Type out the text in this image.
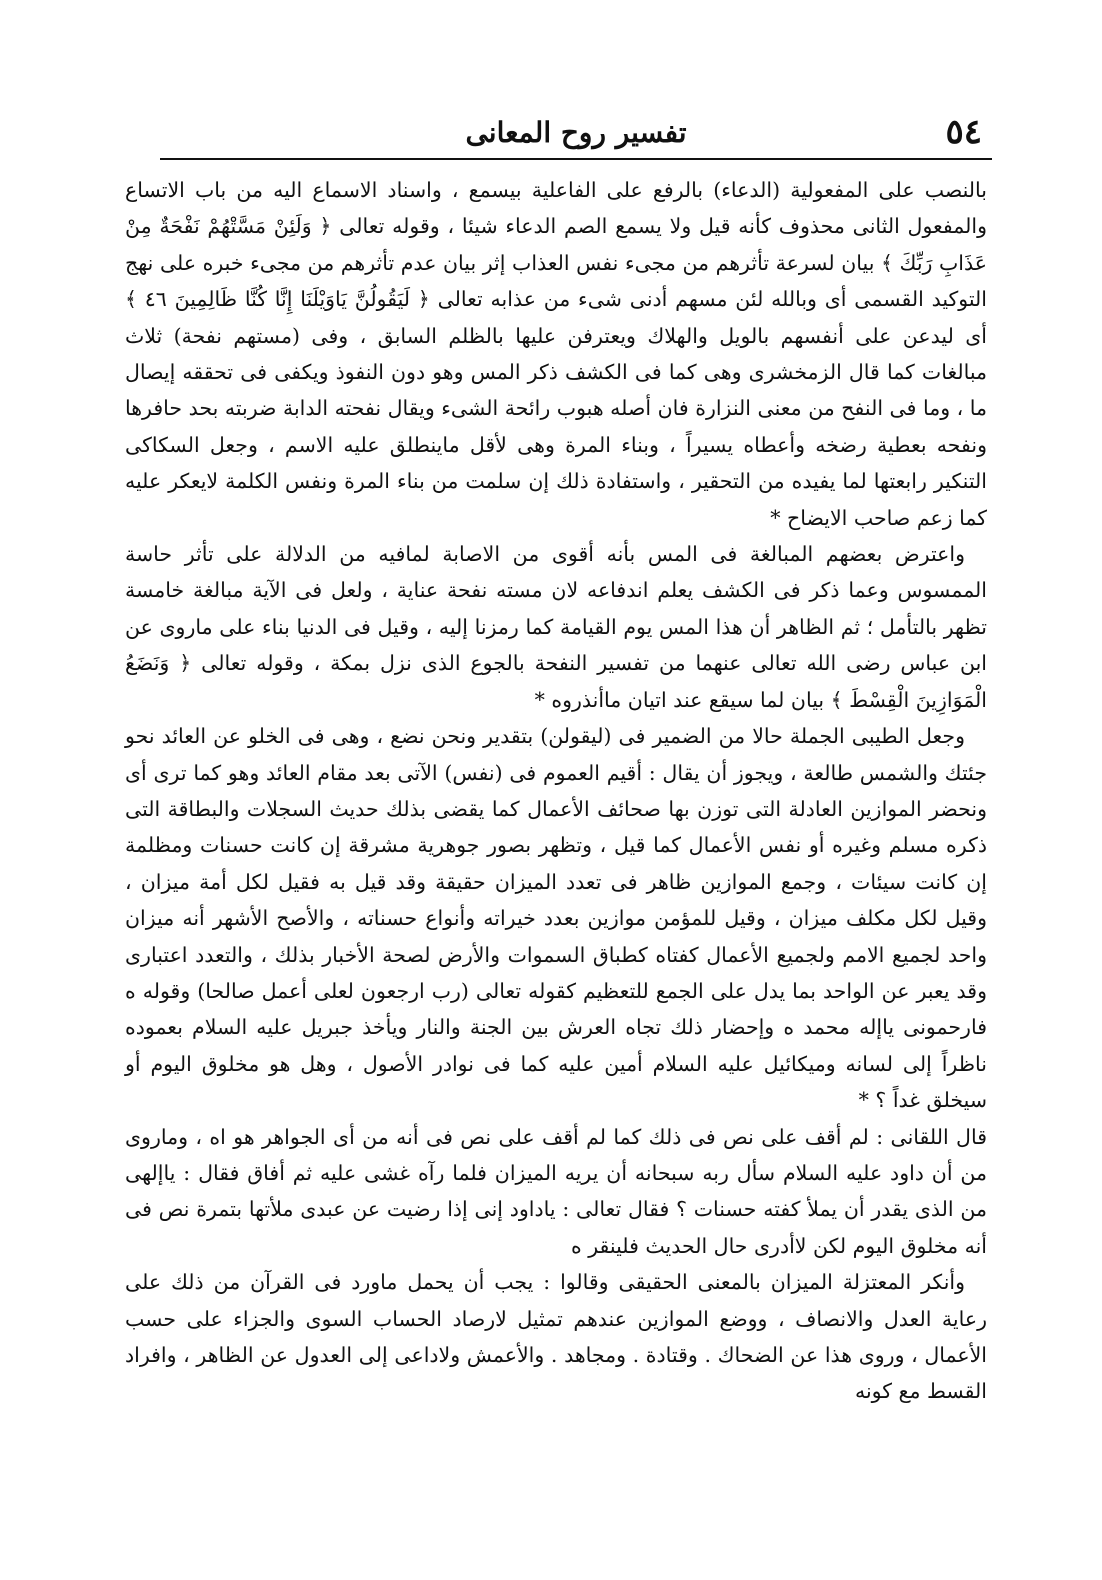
٥٤
تفسير روح المعانى

بالنصب على المفعولية (الدعاء) بالرفع على الفاعلية بيسمع ، واسناد الاسماع اليه من باب الاتساع والمفعول الثانى محذوف كأنه قيل ولا يسمع الصم الدعاء شيئا ، وقوله تعالى ﴿ وَلَئِنْ مَسَّتْهُمْ نَفْحَةٌ مِنْ عَذَابِ رَبِّكَ ﴾ بيان لسرعة تأثرهم من مجىء نفس العذاب إثر بيان عدم تأثرهم من مجىء خبره على نهج التوكيد القسمى أى وبالله لئن مسهم أدنى شىء من عذابه تعالى ﴿ لَيَقُولُنَّ يَاوَيْلَنَا إِنَّا كُنَّا ظَالِمِينَ ٤٦ ﴾ أى ليدعن على أنفسهم بالويل والهلاك ويعترفن عليها بالظلم السابق ، وفى (مستهم نفحة) ثلاث مبالغات كما قال الزمخشرى وهى كما فى الكشف ذكر المس وهو دون النفوذ ويكفى فى تحققه إيصال ما ، وما فى النفح من معنى النزارة فان أصله هبوب رائحة الشىء ويقال نفحته الدابة ضربته بحد حافرها ونفحه بعطية رضخه وأعطاه يسيراً ، وبناء المرة وهى لأقل ماينطلق عليه الاسم ، وجعل السكاكى التنكير رابعتها لما يفيده من التحقير ، واستفادة ذلك إن سلمت من بناء المرة ونفس الكلمة لايعكر عليه كما زعم صاحب الايضاح *

واعترض بعضهم المبالغة فى المس بأنه أقوى من الاصابة لمافيه من الدلالة على تأثر حاسة الممسوس وعما ذكر فى الكشف يعلم اندفاعه لان مسته نفحة عناية ، ولعل فى الآية مبالغة خامسة تظهر بالتأمل ؛ ثم الظاهر أن هذا المس يوم القيامة كما رمزنا إليه ، وقيل فى الدنيا بناء على ماروى عن ابن عباس رضى الله تعالى عنهما من تفسير النفحة بالجوع الذى نزل بمكة ، وقوله تعالى ﴿ وَنَضَعُ الْمَوَازِينَ الْقِسْطَ ﴾ بيان لما سيقع عند اتيان ماأنذروه *

وجعل الطيبى الجملة حالا من الضمير فى (ليقولن) بتقدير ونحن نضع ، وهى فى الخلو عن العائد نحو جئتك والشمس طالعة ، ويجوز أن يقال : أقيم العموم فى (نفس) الآتى بعد مقام العائد وهو كما ترى أى ونحضر الموازين العادلة التى توزن بها صحائف الأعمال كما يقضى بذلك حديث السجلات والبطاقة التى ذكره مسلم وغيره أو نفس الأعمال كما قيل ، وتظهر بصور جوهرية مشرقة إن كانت حسنات ومظلمة إن كانت سيئات ، وجمع الموازين ظاهر فى تعدد الميزان حقيقة وقد قيل به فقيل لكل أمة ميزان ، وقيل لكل مكلف ميزان ، وقيل للمؤمن موازين بعدد خيراته وأنواع حسناته ، والأصح الأشهر أنه ميزان واحد لجميع الامم ولجميع الأعمال كفتاه كطباق السموات والأرض لصحة الأخبار بذلك ، والتعدد اعتبارى وقد يعبر عن الواحد بما يدل على الجمع للتعظيم كقوله تعالى (رب ارجعون لعلى أعمل صالحا) وقوله ه فارحمونى ياإله محمد ه وإحضار ذلك تجاه العرش بين الجنة والنار ويأخذ جبريل عليه السلام بعموده ناظراً إلى لسانه وميكائيل عليه السلام أمين عليه كما فى نوادر الأصول ، وهل هو مخلوق اليوم أو سيخلق غداً ؟ *

قال اللقانى : لم أقف على نص فى ذلك كما لم أقف على نص فى أنه من أى الجواهر هو اه ، وماروى من أن داود عليه السلام سأل ربه سبحانه أن يريه الميزان فلما رآه غشى عليه ثم أفاق فقال : ياإلهى من الذى يقدر أن يملأ كفته حسنات ؟ فقال تعالى : ياداود إنى إذا رضيت عن عبدى ملأتها بتمرة نص فى أنه مخلوق اليوم لكن لاأدرى حال الحديث فلينقر ه

وأنكر المعتزلة الميزان بالمعنى الحقيقى وقالوا : يجب أن يحمل ماورد فى القرآن من ذلك على رعاية العدل والانصاف ، ووضع الموازين عندهم تمثيل لارصاد الحساب السوى والجزاء على حسب الأعمال ، وروى هذا عن الضحاك . وقتادة . ومجاهد . والأعمش ولاداعى إلى العدول عن الظاهر ، وافراد القسط مع كونه
